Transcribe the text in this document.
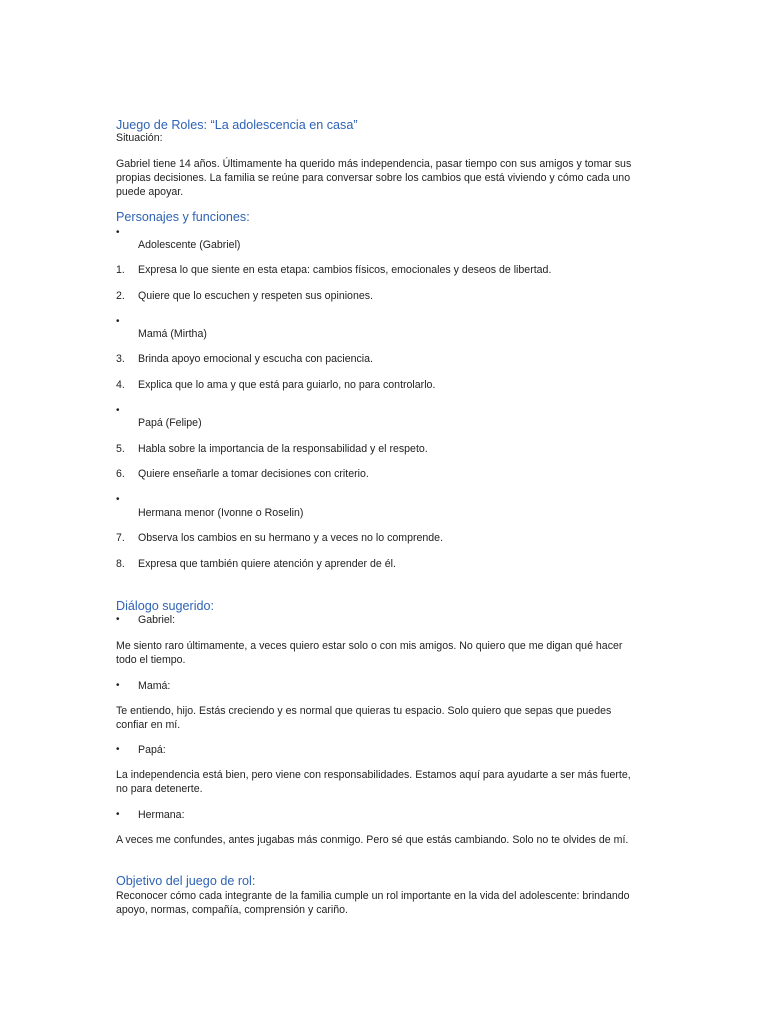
Juego de Roles: “La adolescencia en casa”
Situación:
Gabriel tiene 14 años. Últimamente ha querido más independencia, pasar tiempo con sus amigos y tomar sus
propias decisiones. La familia se reúne para conversar sobre los cambios que está viviendo y cómo cada uno
puede apoyar.
Personajes y funciones:
•
Adolescente (Gabriel)
1. Expresa lo que siente en esta etapa: cambios físicos, emocionales y deseos de libertad.
2. Quiere que lo escuchen y respeten sus opiniones.
•
Mamá (Mirtha)
3. Brinda apoyo emocional y escucha con paciencia.
4. Explica que lo ama y que está para guiarlo, no para controlarlo.
•
Papá (Felipe)
5. Habla sobre la importancia de la responsabilidad y el respeto.
6. Quiere enseñarle a tomar decisiones con criterio.
•
Hermana menor (Ivonne o Roselin)
7. Observa los cambios en su hermano y a veces no lo comprende.
8. Expresa que también quiere atención y aprender de él.
Diálogo sugerido:
• Gabriel:
Me siento raro últimamente, a veces quiero estar solo o con mis amigos. No quiero que me digan qué hacer
todo el tiempo.
• Mamá:
Te entiendo, hijo. Estás creciendo y es normal que quieras tu espacio. Solo quiero que sepas que puedes
confiar en mí.
• Papá:
La independencia está bien, pero viene con responsabilidades. Estamos aquí para ayudarte a ser más fuerte,
no para detenerte.
• Hermana:
A veces me confundes, antes jugabas más conmigo. Pero sé que estás cambiando. Solo no te olvides de mí.
Objetivo del juego de rol:
Reconocer cómo cada integrante de la familia cumple un rol importante en la vida del adolescente: brindando
apoyo, normas, compañía, comprensión y cariño.
